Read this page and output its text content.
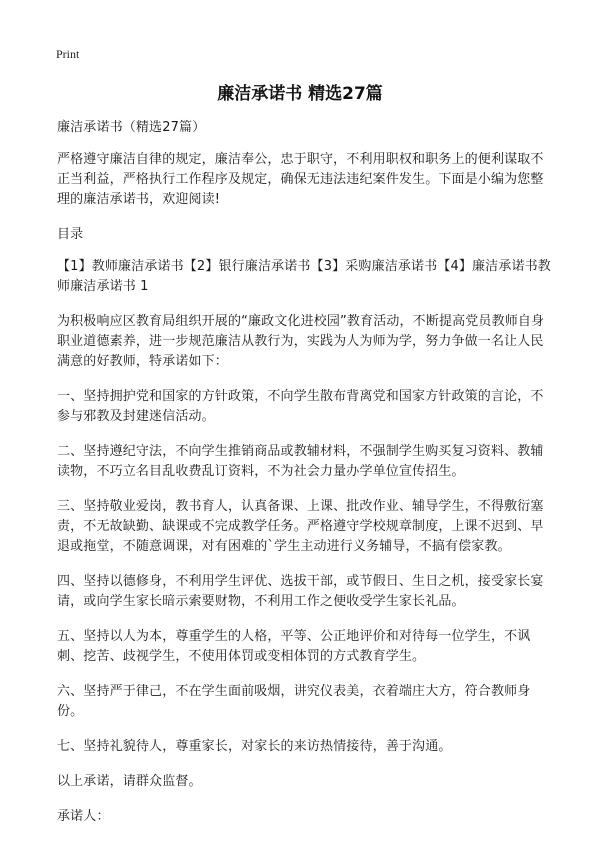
Print
廉洁承诺书 精选27篇

廉洁承诺书（精选27篇）

严格遵守廉洁自律的规定，廉洁奉公，忠于职守，不利用职权和职务上的便利谋取不正当利益，严格执行工作程序及规定，确保无违法违纪案件发生。下面是小编为您整理的廉洁承诺书，欢迎阅读!

目录

【1】教师廉洁承诺书【2】银行廉洁承诺书【3】采购廉洁承诺书【4】廉洁承诺书教师廉洁承诺书 1

为积极响应区教育局组织开展的“廉政文化进校园”教育活动，不断提高党员教师自身职业道德素养，进一步规范廉洁从教行为，实践为人为师为学，努力争做一名让人民满意的好教师，特承诺如下：

一、坚持拥护党和国家的方针政策，不向学生散布背离党和国家方针政策的言论，不参与邪教及封建迷信活动。

二、坚持遵纪守法，不向学生推销商品或教辅材料，不强制学生购买复习资料、教辅读物，不巧立名目乱收费乱订资料，不为社会力量办学单位宣传招生。

三、坚持敬业爱岗，教书育人，认真备课、上课、批改作业、辅导学生，不得敷衍塞责，不无故缺勤、缺课或不完成教学任务。严格遵守学校规章制度，上课不迟到、早退或拖堂，不随意调课，对有困难的`学生主动进行义务辅导，不搞有偿家教。

四、坚持以德修身，不利用学生评优、选拔干部，或节假日、生日之机，接受家长宴请，或向学生家长暗示索要财物，不利用工作之便收受学生家长礼品。

五、坚持以人为本，尊重学生的人格，平等、公正地评价和对待每一位学生，不讽刺、挖苦、歧视学生，不使用体罚或变相体罚的方式教育学生。

六、坚持严于律己，不在学生面前吸烟，讲究仪表美，衣着端庄大方，符合教师身份。

七、坚持礼貌待人，尊重家长，对家长的来访热情接待，善于沟通。

以上承诺，请群众监督。

承诺人：
